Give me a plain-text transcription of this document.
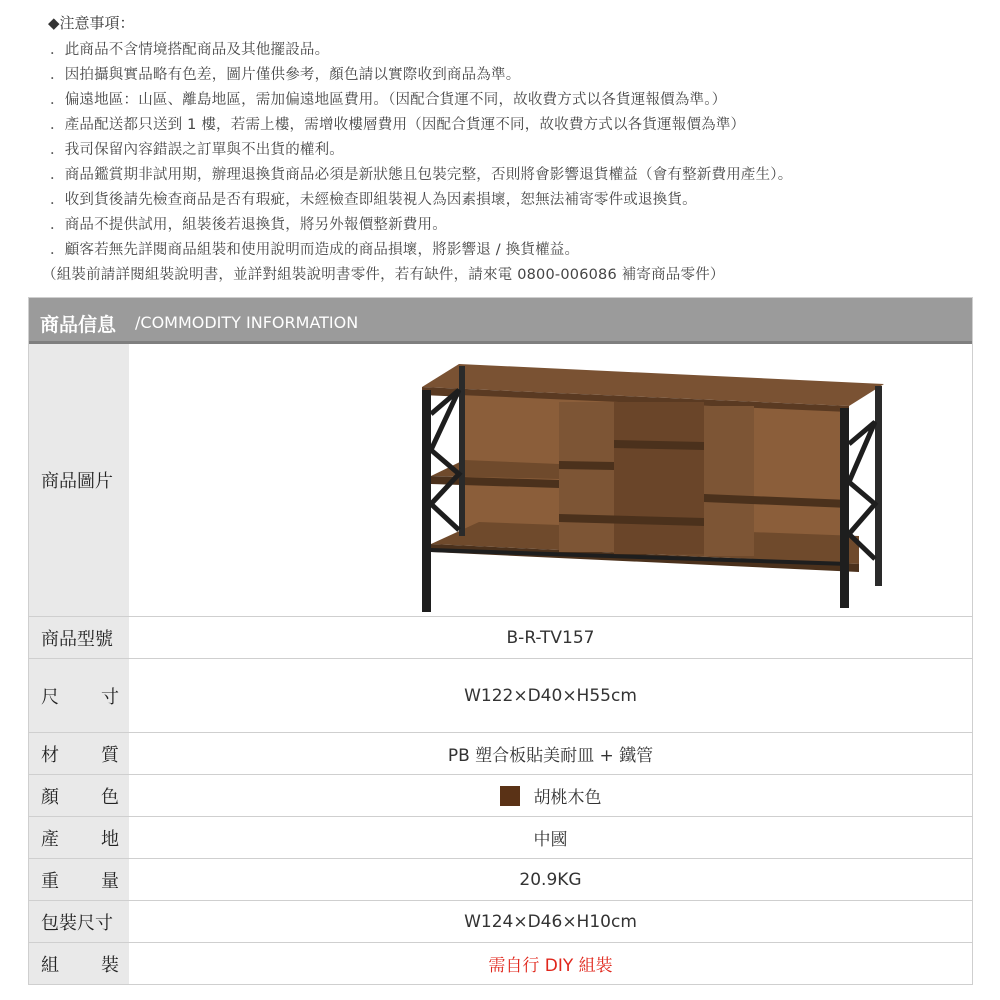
◆注意事項：
．此商品不含情境搭配商品及其他擺設品。
．因拍攝與實品略有色差，圖片僅供參考，顏色請以實際收到商品為準。
．偏遠地區：山區、離島地區，需加偏遠地區費用。（因配合貨運不同，故收費方式以各貨運報價為準。）
．產品配送都只送到 1 樓，若需上樓，需增收樓層費用（因配合貨運不同，故收費方式以各貨運報價為準）
．我司保留內容錯誤之訂單與不出貨的權利。
．商品鑑賞期非試用期，辦理退換貨商品必須是新狀態且包裝完整，否則將會影響退貨權益（會有整新費用產生）。
．收到貨後請先檢查商品是否有瑕疵，未經檢查即組裝視人為因素損壞，恕無法補寄零件或退換貨。
．商品不提供試用，組裝後若退換貨，將另外報價整新費用。
．顧客若無先詳閱商品組裝和使用說明而造成的商品損壞，將影響退 / 換貨權益。
（組裝前請詳閱組裝說明書，並詳對組裝說明書零件，若有缺件，請來電 0800-006086 補寄商品零件）
商品信息 /COMMODITY INFORMATION
商品圖片
商品型號	B-R-TV157
尺 寸	W122×D40×H55cm
材 質	PB 塑合板貼美耐皿 + 鐵管
顏 色	胡桃木色
產 地	中國
重 量	20.9KG
包裝尺寸	W124×D46×H10cm
組 裝	需自行 DIY 組裝
